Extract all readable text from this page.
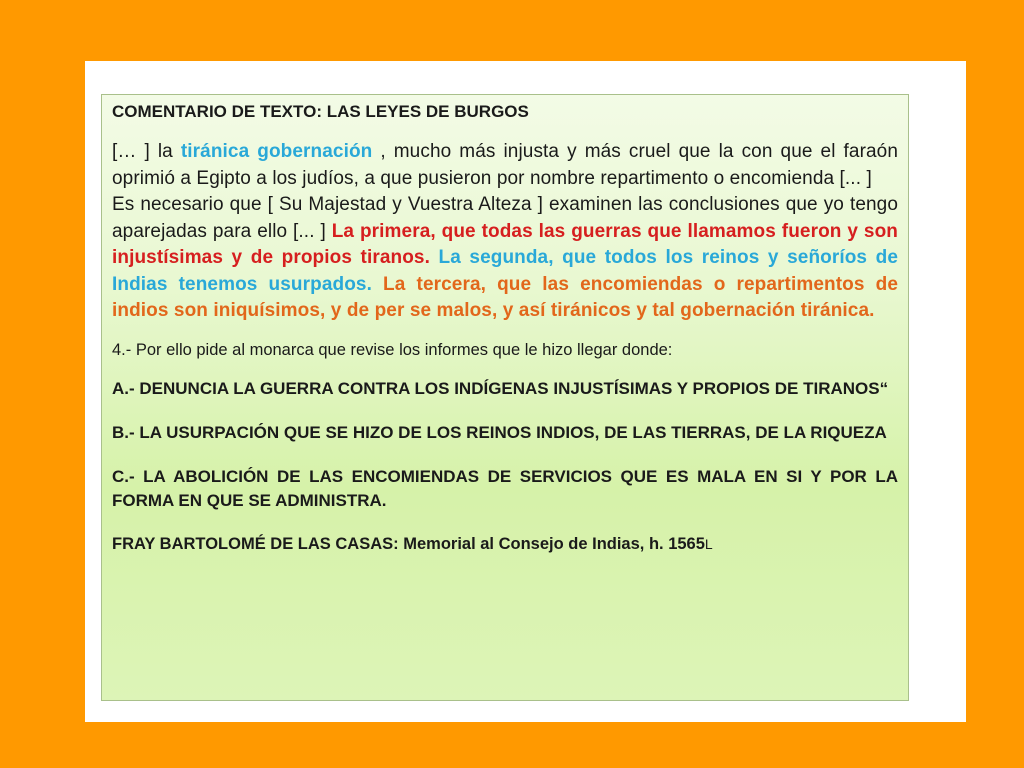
COMENTARIO DE TEXTO: LAS LEYES DE BURGOS

[… ] la tiránica gobernación , mucho más injusta y más cruel que la con que el faraón oprimió a Egipto a los judíos, a que pusieron por nombre repartimento o encomienda [... ]

Es necesario que [ Su Majestad y Vuestra Alteza ] examinen las conclusiones que yo tengo aparejadas para ello [... ] La primera, que todas las guerras que llamamos fueron y son injustísimas y de propios tiranos. La segunda, que todos los reinos y señoríos de Indias tenemos usurpados. La tercera, que las encomiendas o repartimentos de indios son iniquísimos, y de per se malos, y así tiránicos y tal gobernación tiránica.

4.- Por ello pide al monarca que revise los informes que le hizo llegar donde:
A.- DENUNCIA LA GUERRA CONTRA LOS INDÍGENAS INJUSTÍSIMAS Y PROPIOS DE TIRANOS“
B.- LA USURPACIÓN QUE SE HIZO DE LOS REINOS INDIOS, DE LAS TIERRAS, DE LA RIQUEZA
C.- LA ABOLICIÓN DE LAS ENCOMIENDAS DE SERVICIOS QUE ES MALA EN SI Y POR LA FORMA EN QUE SE ADMINISTRA.
FRAY BARTOLOMÉ DE LAS CASAS: Memorial al Consejo de Indias, h. 1565L
